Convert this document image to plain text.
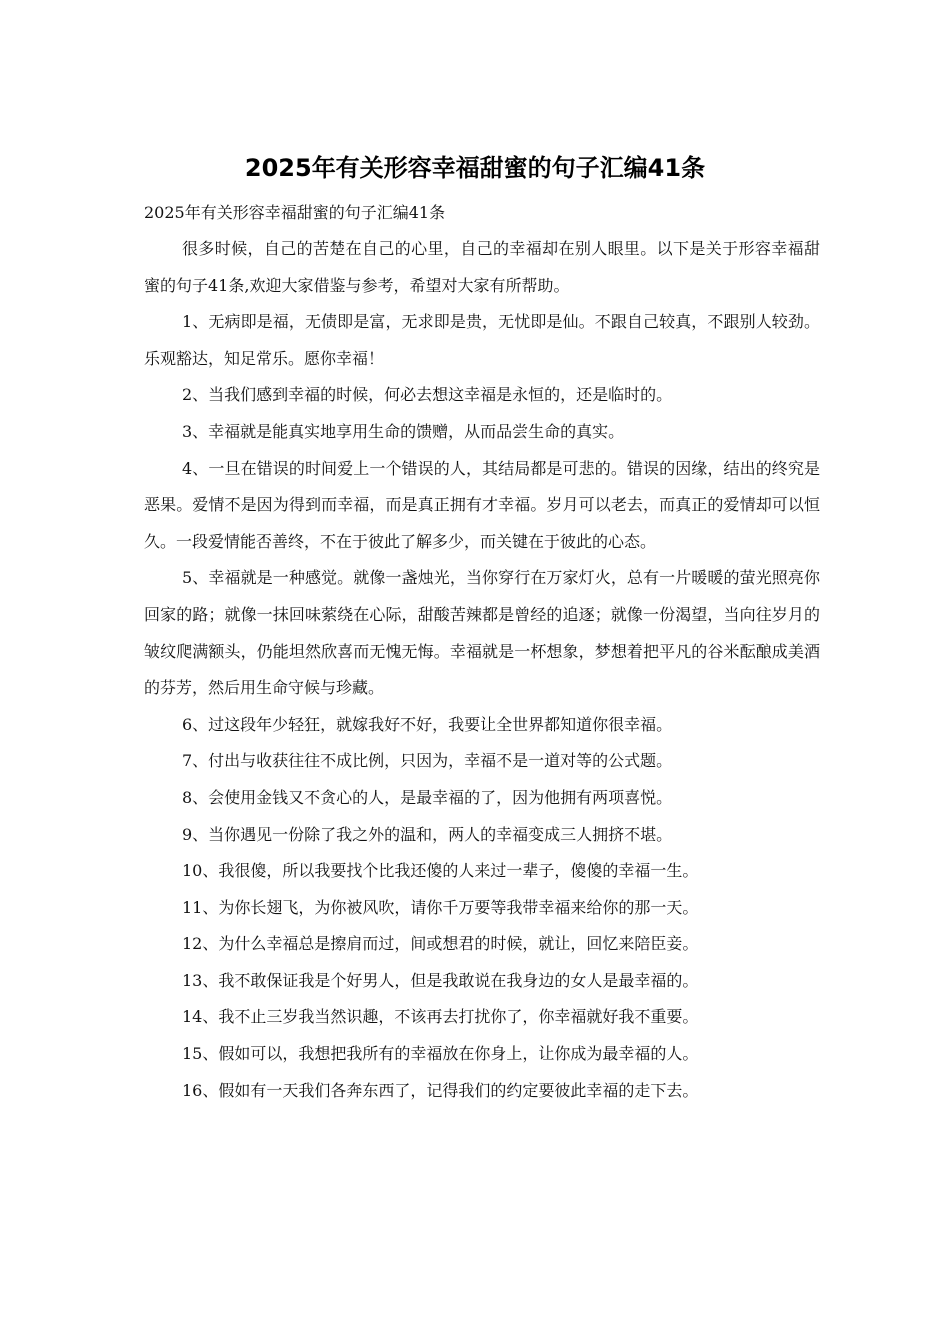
2025年有关形容幸福甜蜜的句子汇编41条

2025年有关形容幸福甜蜜的句子汇编41条

很多时候，自己的苦楚在自己的心里，自己的幸福却在别人眼里。以下是关于形容幸福甜蜜的句子41条,欢迎大家借鉴与参考，希望对大家有所帮助。

1、无病即是福，无债即是富，无求即是贵，无忧即是仙。不跟自己较真，不跟别人较劲。乐观豁达，知足常乐。愿你幸福！

2、当我们感到幸福的时候，何必去想这幸福是永恒的，还是临时的。

3、幸福就是能真实地享用生命的馈赠，从而品尝生命的真实。

4、一旦在错误的时间爱上一个错误的人，其结局都是可悲的。错误的因缘，结出的终究是恶果。爱情不是因为得到而幸福，而是真正拥有才幸福。岁月可以老去，而真正的爱情却可以恒久。一段爱情能否善终，不在于彼此了解多少，而关键在于彼此的心态。

5、幸福就是一种感觉。就像一盏烛光，当你穿行在万家灯火，总有一片暖暖的萤光照亮你回家的路；就像一抹回味萦绕在心际，甜酸苦辣都是曾经的追逐；就像一份渴望，当向往岁月的皱纹爬满额头，仍能坦然欣喜而无愧无悔。幸福就是一杯想象，梦想着把平凡的谷米酝酿成美酒的芬芳，然后用生命守候与珍藏。

6、过这段年少轻狂，就嫁我好不好，我要让全世界都知道你很幸福。

7、付出与收获往往不成比例，只因为，幸福不是一道对等的公式题。

8、会使用金钱又不贪心的人，是最幸福的了，因为他拥有两项喜悦。

9、当你遇见一份除了我之外的温和，两人的幸福变成三人拥挤不堪。

10、我很傻，所以我要找个比我还傻的人来过一辈子，傻傻的幸福一生。

11、为你长翅飞，为你被风吹，请你千万要等我带幸福来给你的那一天。

12、为什么幸福总是擦肩而过，间或想君的时候，就让，回忆来陪臣妾。

13、我不敢保证我是个好男人，但是我敢说在我身边的女人是最幸福的。

14、我不止三岁我当然识趣，不该再去打扰你了，你幸福就好我不重要。

15、假如可以，我想把我所有的幸福放在你身上，让你成为最幸福的人。

16、假如有一天我们各奔东西了，记得我们的约定要彼此幸福的走下去。
